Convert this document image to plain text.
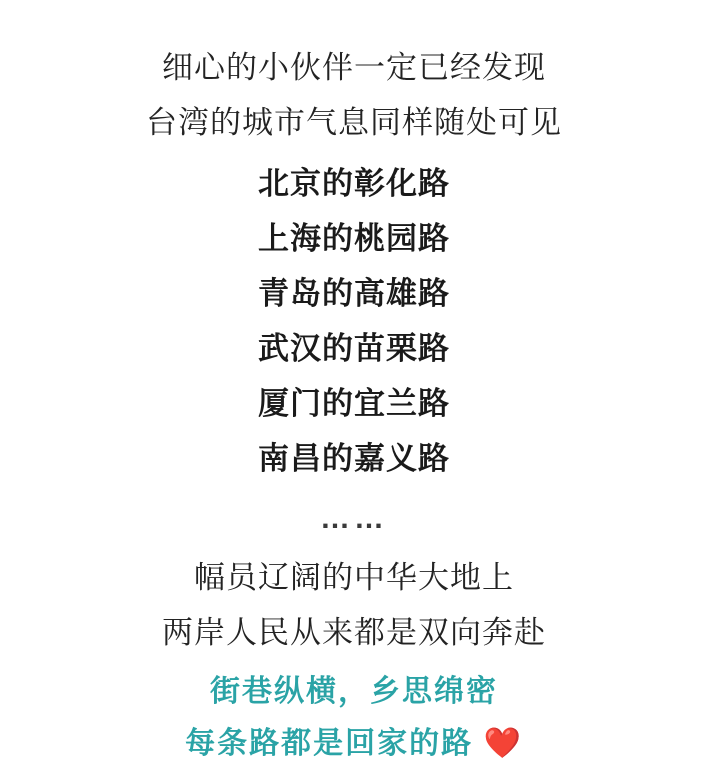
细心的小伙伴一定已经发现
台湾的城市气息同样随处可见
北京的彰化路
上海的桃园路
青岛的高雄路
武汉的苗栗路
厦门的宜兰路
南昌的嘉义路
……
幅员辽阔的中华大地上
两岸人民从来都是双向奔赴
街巷纵横，乡思绵密
每条路都是回家的路 ❤️
